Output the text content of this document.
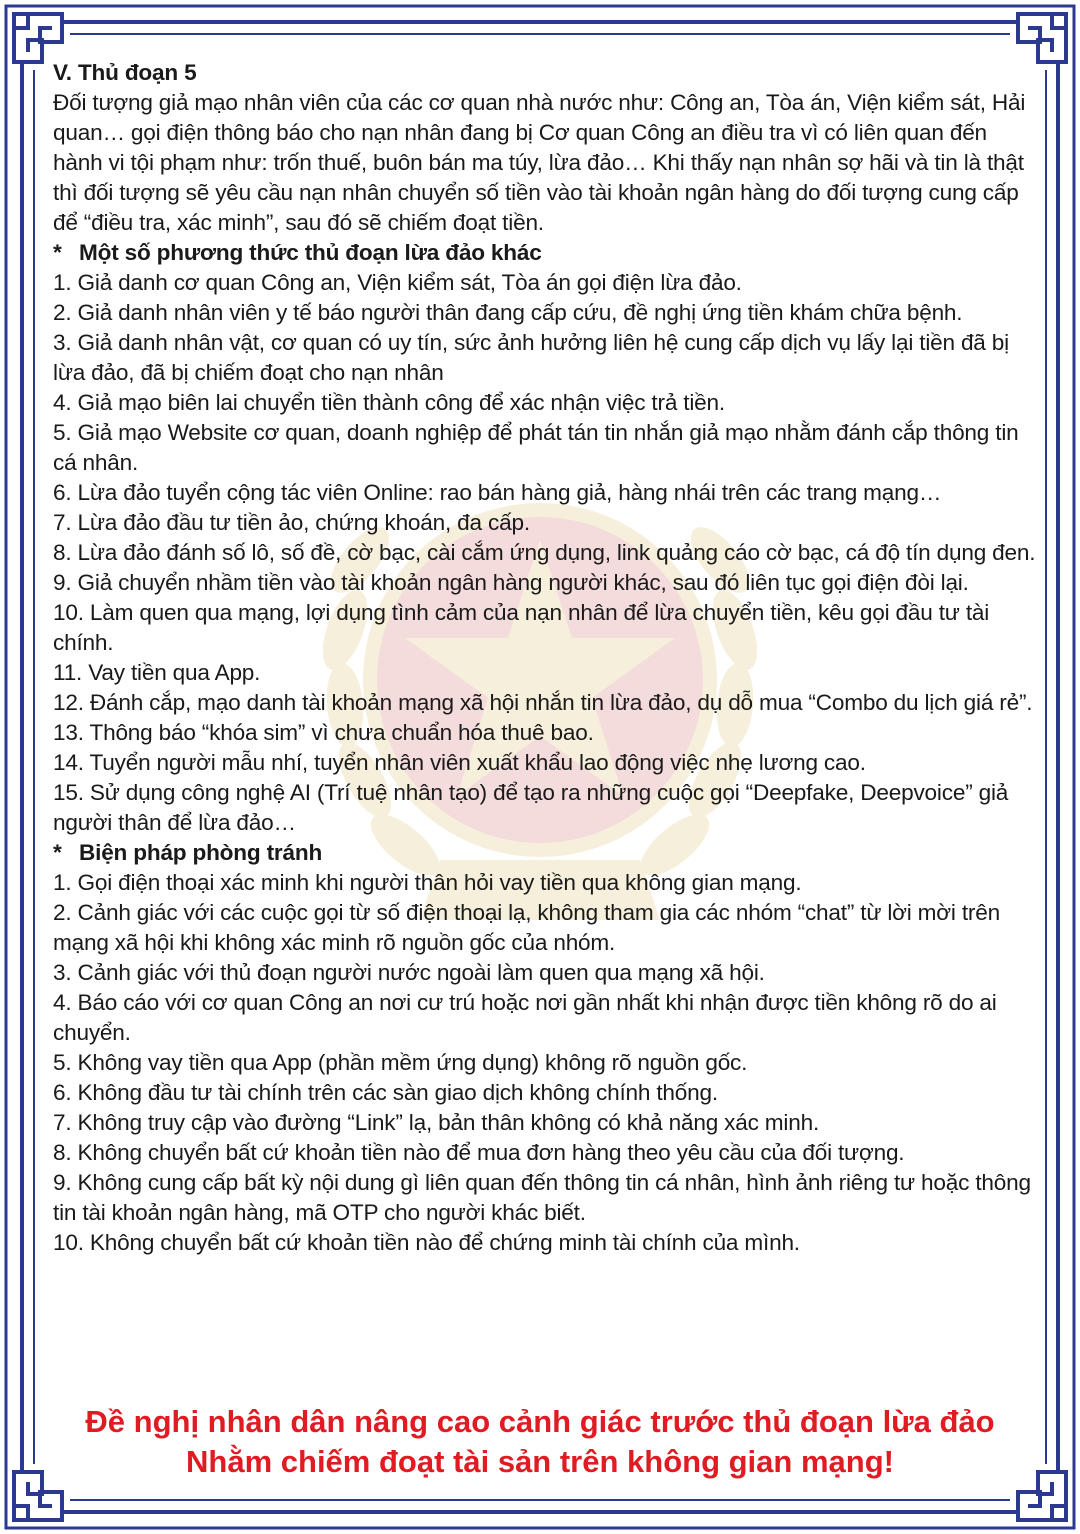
V. Thủ đoạn 5

Đối tượng giả mạo nhân viên của các cơ quan nhà nước như: Công an, Tòa án, Viện kiểm sát, Hải quan… gọi điện thông báo cho nạn nhân đang bị Cơ quan Công an điều tra vì có liên quan đến hành vi tội phạm như: trốn thuế, buôn bán ma túy, lừa đảo… Khi thấy nạn nhân sợ hãi và tin là thật thì đối tượng sẽ yêu cầu nạn nhân chuyển số tiền vào tài khoản ngân hàng do đối tượng cung cấp để “điều tra, xác minh”, sau đó sẽ chiếm đoạt tiền.

* Một số phương thức thủ đoạn lừa đảo khác

1. Giả danh cơ quan Công an, Viện kiểm sát, Tòa án gọi điện lừa đảo.

2. Giả danh nhân viên y tế báo người thân đang cấp cứu, đề nghị ứng tiền khám chữa bệnh.

3. Giả danh nhân vật, cơ quan có uy tín, sức ảnh hưởng liên hệ cung cấp dịch vụ lấy lại tiền đã bị lừa đảo, đã bị chiếm đoạt cho nạn nhân

4. Giả mạo biên lai chuyển tiền thành công để xác nhận việc trả tiền.

5. Giả mạo Website cơ quan, doanh nghiệp để phát tán tin nhắn giả mạo nhằm đánh cắp thông tin cá nhân.

6. Lừa đảo tuyển cộng tác viên Online: rao bán hàng giả, hàng nhái trên các trang mạng…

7. Lừa đảo đầu tư tiền ảo, chứng khoán, đa cấp.

8. Lừa đảo đánh số lô, số đề, cờ bạc, cài cắm ứng dụng, link quảng cáo cờ bạc, cá độ tín dụng đen.

9. Giả chuyển nhầm tiền vào tài khoản ngân hàng người khác, sau đó liên tục gọi điện đòi lại.

10. Làm quen qua mạng, lợi dụng tình cảm của nạn nhân để lừa chuyển tiền, kêu gọi đầu tư tài chính.

11. Vay tiền qua App.

12. Đánh cắp, mạo danh tài khoản mạng xã hội nhắn tin lừa đảo, dụ dỗ mua “Combo du lịch giá rẻ”.

13. Thông báo “khóa sim” vì chưa chuẩn hóa thuê bao.

14. Tuyển người mẫu nhí, tuyển nhân viên xuất khẩu lao động việc nhẹ lương cao.

15. Sử dụng công nghệ AI (Trí tuệ nhân tạo) để tạo ra những cuộc gọi “Deepfake, Deepvoice” giả người thân để lừa đảo…

* Biện pháp phòng tránh

1. Gọi điện thoại xác minh khi người thân hỏi vay tiền qua không gian mạng.

2. Cảnh giác với các cuộc gọi từ số điện thoại lạ, không tham gia các nhóm “chat” từ lời mời trên mạng xã hội khi không xác minh rõ nguồn gốc của nhóm.

3. Cảnh giác với thủ đoạn người nước ngoài làm quen qua mạng xã hội.

4. Báo cáo với cơ quan Công an nơi cư trú hoặc nơi gần nhất khi nhận được tiền không rõ do ai chuyển.

5. Không vay tiền qua App (phần mềm ứng dụng) không rõ nguồn gốc.

6. Không đầu tư tài chính trên các sàn giao dịch không chính thống.

7. Không truy cập vào đường “Link” lạ, bản thân không có khả năng xác minh.

8. Không chuyển bất cứ khoản tiền nào để mua đơn hàng theo yêu cầu của đối tượng.

9. Không cung cấp bất kỳ nội dung gì liên quan đến thông tin cá nhân, hình ảnh riêng tư hoặc thông tin tài khoản ngân hàng, mã OTP cho người khác biết.

10. Không chuyển bất cứ khoản tiền nào để chứng minh tài chính của mình.

Đề nghị nhân dân nâng cao cảnh giác trước thủ đoạn lừa đảo
Nhằm chiếm đoạt tài sản trên không gian mạng!
